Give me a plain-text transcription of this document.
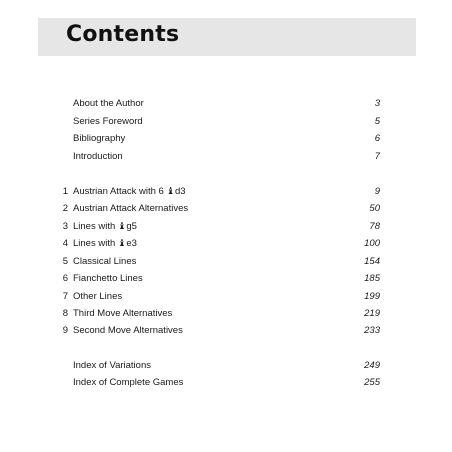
Contents
About the Author	3
Series Foreword	5
Bibliography	6
Introduction	7
1 Austrian Attack with 6 ♝d3	9
2 Austrian Attack Alternatives	50
3 Lines with ♝g5	78
4 Lines with ♝e3	100
5 Classical Lines	154
6 Fianchetto Lines	185
7 Other Lines	199
8 Third Move Alternatives	219
9 Second Move Alternatives	233
Index of Variations	249
Index of Complete Games	255
